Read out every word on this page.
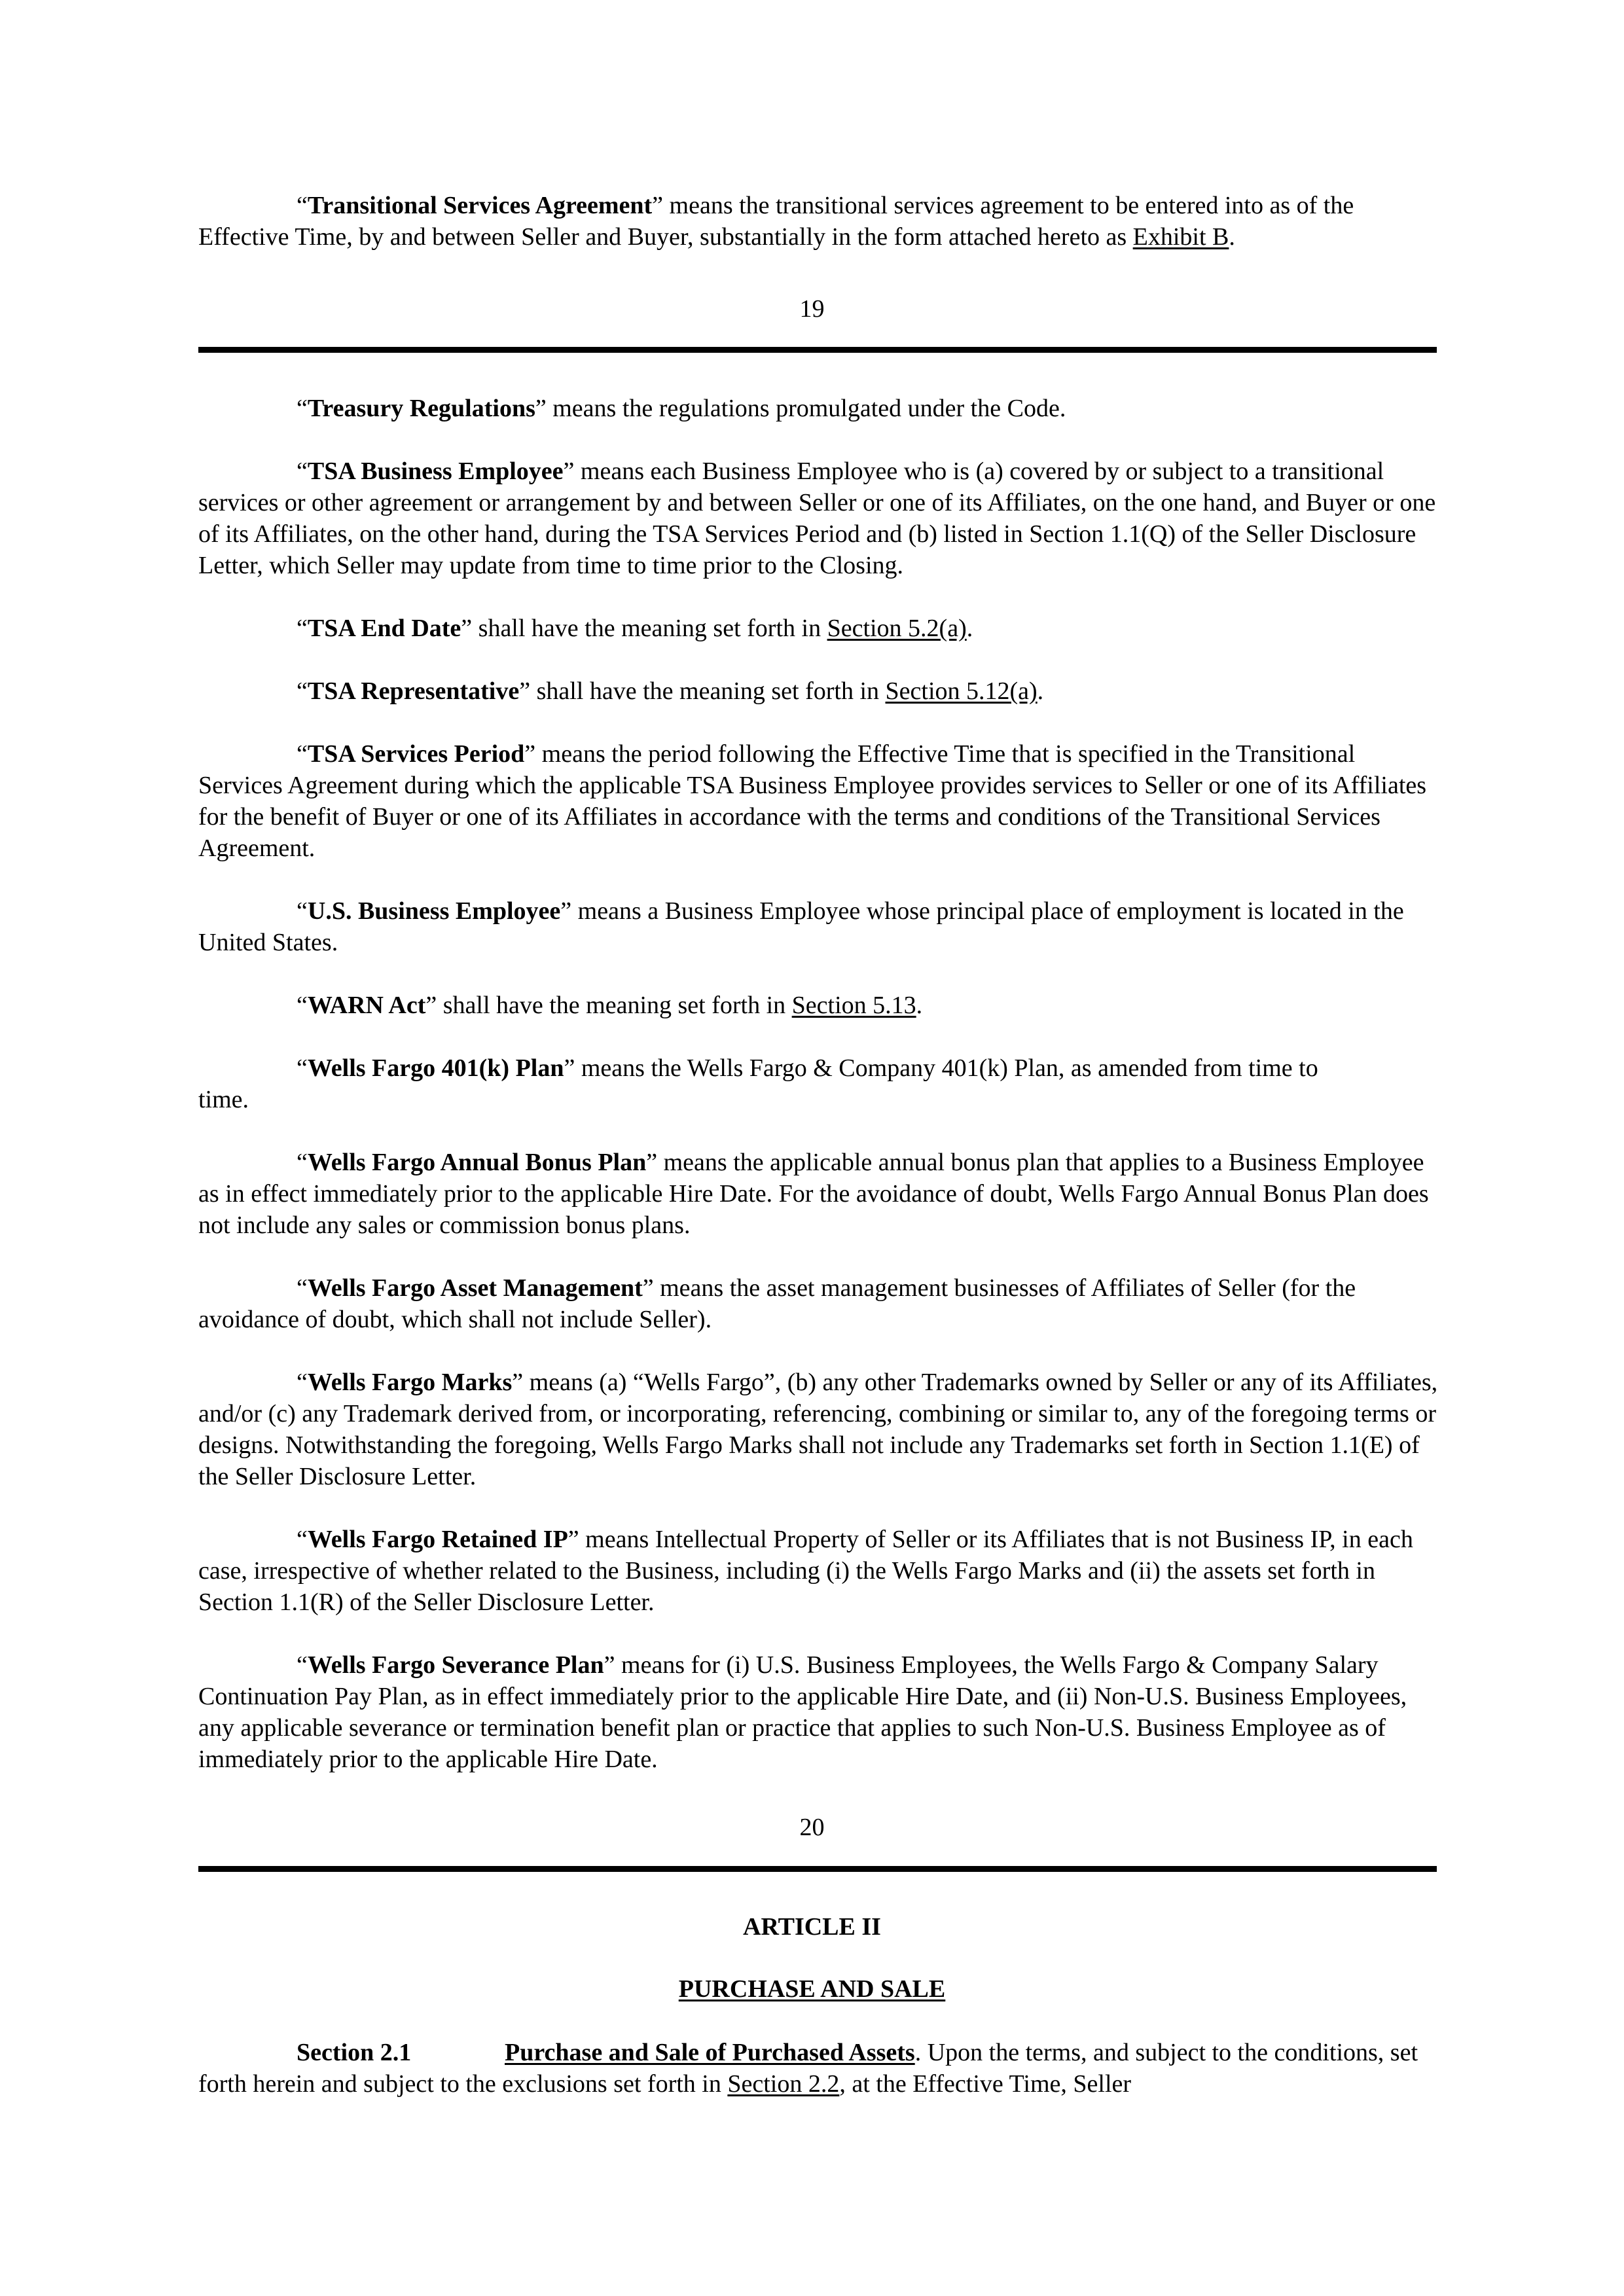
“Transitional Services Agreement” means the transitional services agreement to be entered into as of the Effective Time, by and between Seller and Buyer, substantially in the form attached hereto as Exhibit B.

19

“Treasury Regulations” means the regulations promulgated under the Code.

“TSA Business Employee” means each Business Employee who is (a) covered by or subject to a transitional services or other agreement or arrangement by and between Seller or one of its Affiliates, on the one hand, and Buyer or one of its Affiliates, on the other hand, during the TSA Services Period and (b) listed in Section 1.1(Q) of the Seller Disclosure Letter, which Seller may update from time to time prior to the Closing.

“TSA End Date” shall have the meaning set forth in Section 5.2(a).

“TSA Representative” shall have the meaning set forth in Section 5.12(a).

“TSA Services Period” means the period following the Effective Time that is specified in the Transitional Services Agreement during which the applicable TSA Business Employee provides services to Seller or one of its Affiliates for the benefit of Buyer or one of its Affiliates in accordance with the terms and conditions of the Transitional Services Agreement.

“U.S. Business Employee” means a Business Employee whose principal place of employment is located in the United States.

“WARN Act” shall have the meaning set forth in Section 5.13.

“Wells Fargo 401(k) Plan” means the Wells Fargo & Company 401(k) Plan, as amended from time to
time.

“Wells Fargo Annual Bonus Plan” means the applicable annual bonus plan that applies to a Business Employee as in effect immediately prior to the applicable Hire Date. For the avoidance of doubt, Wells Fargo Annual Bonus Plan does not include any sales or commission bonus plans.

“Wells Fargo Asset Management” means the asset management businesses of Affiliates of Seller (for the avoidance of doubt, which shall not include Seller).

“Wells Fargo Marks” means (a) “Wells Fargo”, (b) any other Trademarks owned by Seller or any of its Affiliates, and/or (c) any Trademark derived from, or incorporating, referencing, combining or similar to, any of the foregoing terms or designs. Notwithstanding the foregoing, Wells Fargo Marks shall not include any Trademarks set forth in Section 1.1(E) of the Seller Disclosure Letter.

“Wells Fargo Retained IP” means Intellectual Property of Seller or its Affiliates that is not Business IP, in each case, irrespective of whether related to the Business, including (i) the Wells Fargo Marks and (ii) the assets set forth in Section 1.1(R) of the Seller Disclosure Letter.

“Wells Fargo Severance Plan” means for (i) U.S. Business Employees, the Wells Fargo & Company Salary Continuation Pay Plan, as in effect immediately prior to the applicable Hire Date, and (ii) Non-U.S. Business Employees, any applicable severance or termination benefit plan or practice that applies to such Non-U.S. Business Employee as of immediately prior to the applicable Hire Date.

20
ARTICLE II
PURCHASE AND SALE

Section 2.1	Purchase and Sale of Purchased Assets. Upon the terms, and subject to the conditions, set forth herein and subject to the exclusions set forth in Section 2.2, at the Effective Time, Seller
